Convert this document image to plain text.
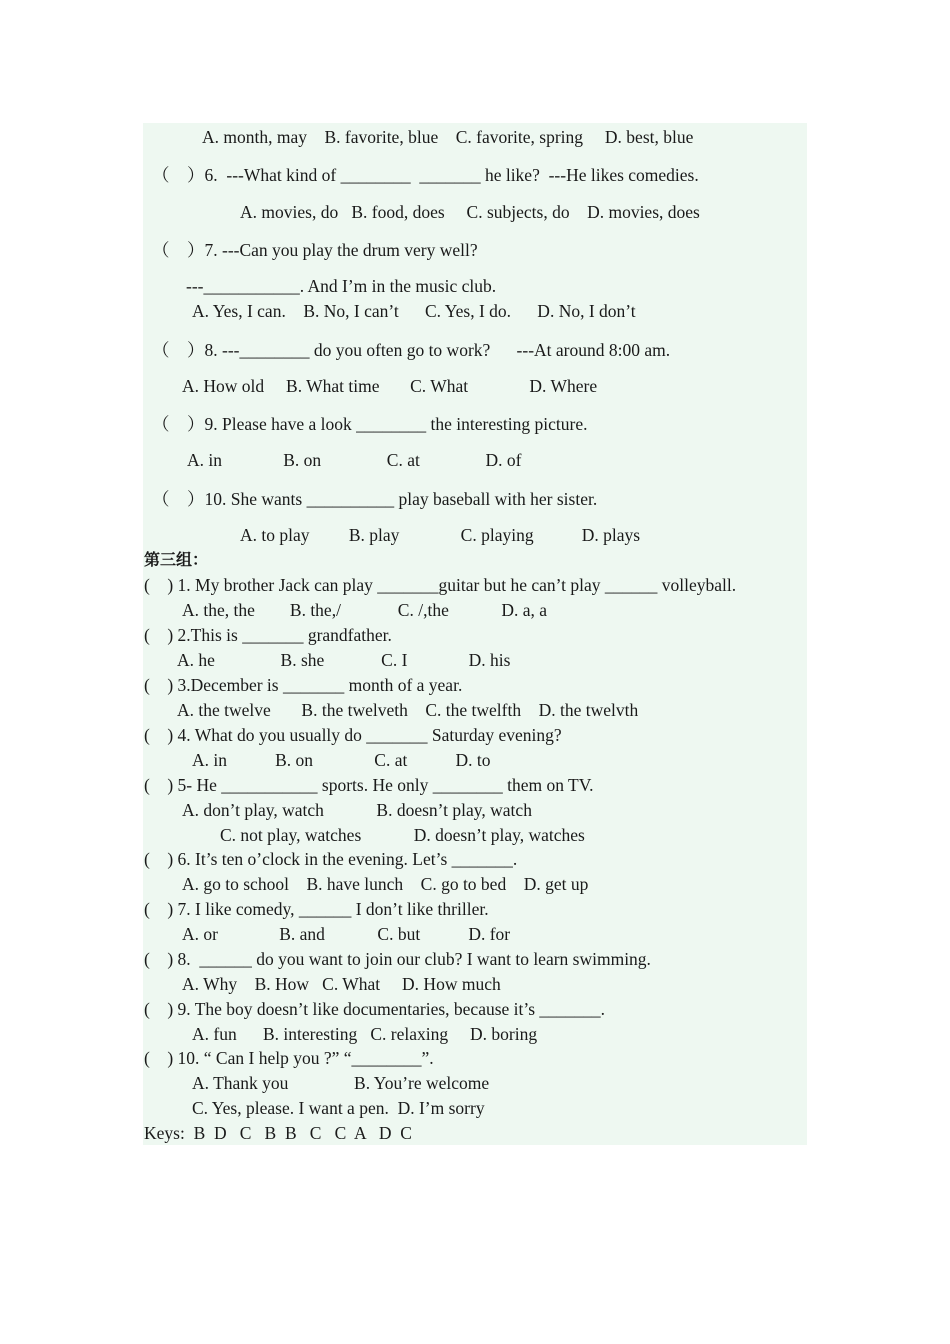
A. month, may    B. favorite, blue    C. favorite, spring     D. best, blue
（    ）6.  ---What kind of ________  _______ he like?  ---He likes comedies.
A. movies, do   B. food, does     C. subjects, do    D. movies, does
（    ）7. ---Can you play the drum very well?
---___________. And I’m in the music club.
A. Yes, I can.    B. No, I can’t      C. Yes, I do.      D. No, I don’t
（    ）8. ---________ do you often go to work?      ---At around 8:00 am.
A. How old     B. What time       C. What              D. Where
（    ）9. Please have a look ________ the interesting picture.
A. in              B. on               C. at               D. of
（    ）10. She wants __________ play baseball with her sister.
A. to play         B. play              C. playing           D. plays
第三组：
(    ) 1. My brother Jack can play _______guitar but he can’t play ______ volleyball.
A. the, the        B. the,/             C. /,the            D. a, a
(    ) 2.This is _______ grandfather.
A. he               B. she             C. I              D. his
(    ) 3.December is _______ month of a year.
A. the twelve       B. the twelveth    C. the twelfth    D. the twelvth
(    ) 4. What do you usually do _______ Saturday evening?
A. in           B. on              C. at           D. to
(    ) 5- He ___________ sports. He only ________ them on TV.
A. don’t play, watch            B. doesn’t play, watch
C. not play, watches            D. doesn’t play, watches
(    ) 6. It’s ten o’clock in the evening. Let’s _______.
A. go to school    B. have lunch    C. go to bed    D. get up
(    ) 7. I like comedy, ______ I don’t like thriller.
A. or              B. and            C. but           D. for
(    ) 8.  ______ do you want to join our club? I want to learn swimming.
A. Why    B. How   C. What     D. How much
(    ) 9. The boy doesn’t like documentaries, because it’s _______.
A. fun      B. interesting   C. relaxing     D. boring
(    ) 10. “ Can I help you ?” “________”.
A. Thank you               B. You’re welcome
C. Yes, please. I want a pen.  D. I’m sorry
Keys:  B  D   C   B  B   C   C  A   D  C
